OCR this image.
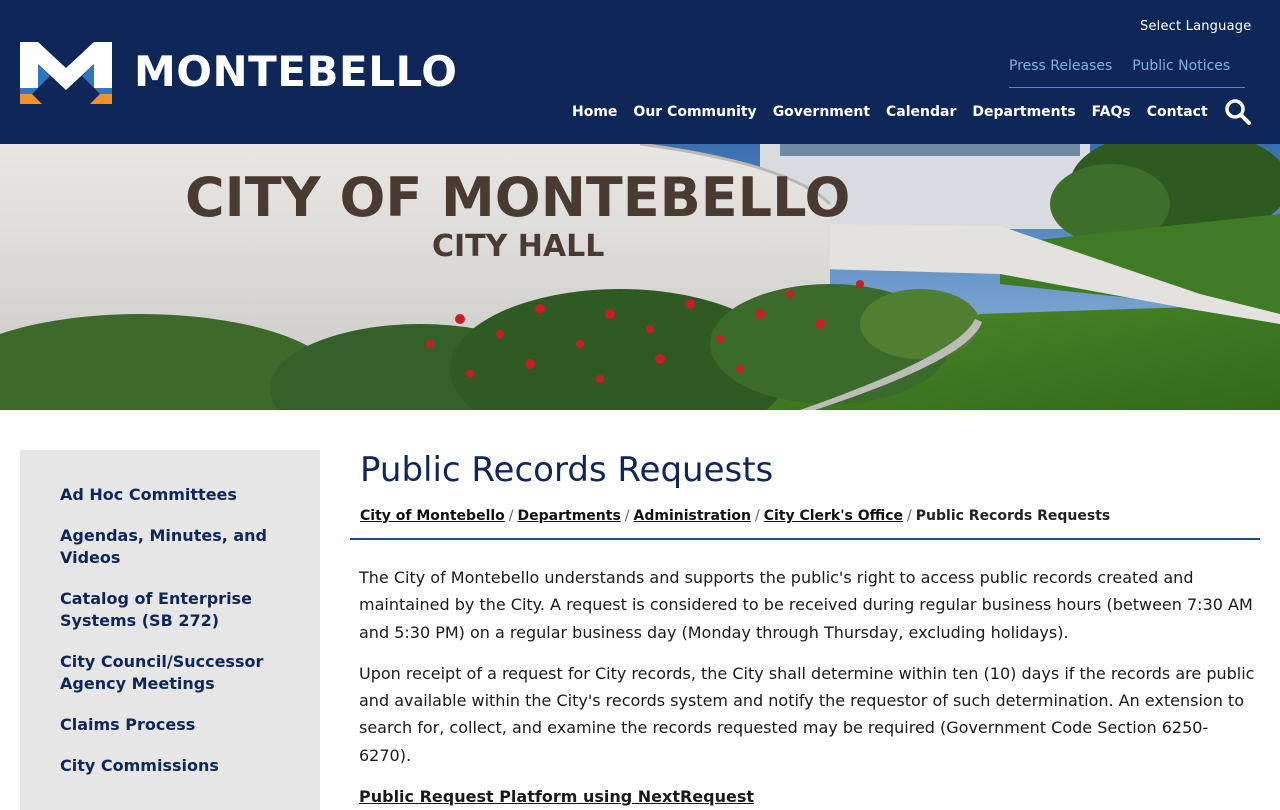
MONTEBELLO
Select Language
Press Releases Public Notices
Home Our Community Government Calendar Departments FAQs Contact
CITY OF MONTEBELLO
CITY HALL
Ad Hoc Committees
Agendas, Minutes, and Videos
Catalog of Enterprise Systems (SB 272)
City Council/Successor Agency Meetings
Claims Process
City Commissions
Public Records Requests
City of Montebello / Departments / Administration / City Clerk's Office / Public Records Requests

The City of Montebello understands and supports the public's right to access public records created and maintained by the City. A request is considered to be received during regular business hours (between 7:30 AM and 5:30 PM) on a regular business day (Monday through Thursday, excluding holidays).

Upon receipt of a request for City records, the City shall determine within ten (10) days if the records are public and available within the City's records system and notify the requestor of such determination. An extension to search for, collect, and examine the records requested may be required (Government Code Section 6250-6270).

Public Request Platform using NextRequest
